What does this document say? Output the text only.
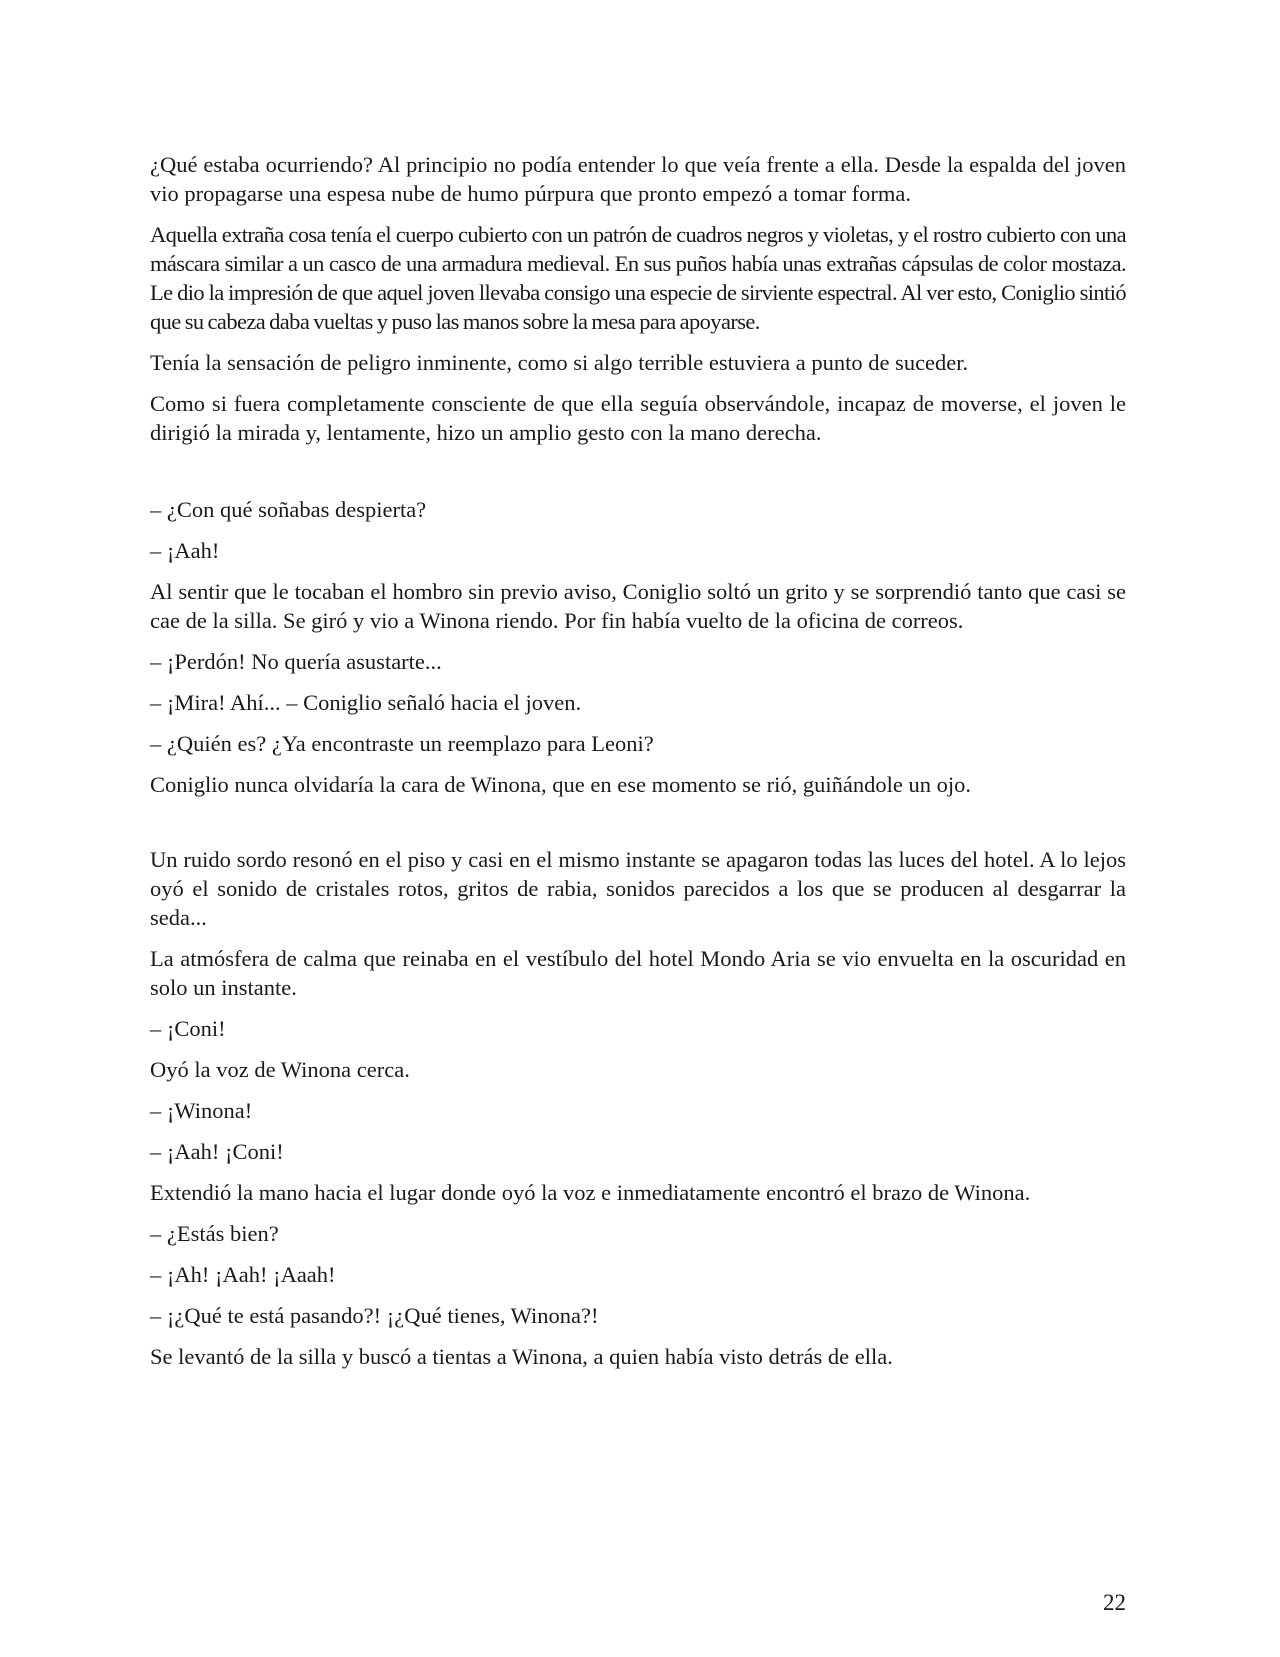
¿Qué estaba ocurriendo? Al principio no podía entender lo que veía frente a ella. Desde la espalda del joven vio propagarse una espesa nube de humo púrpura que pronto empezó a tomar forma.

Aquella extraña cosa tenía el cuerpo cubierto con un patrón de cuadros negros y violetas, y el rostro cubierto con una máscara similar a un casco de una armadura medieval. En sus puños había unas extrañas cápsulas de color mostaza. Le dio la impresión de que aquel joven llevaba consigo una especie de sirviente espectral. Al ver esto, Coniglio sintió que su cabeza daba vueltas y puso las manos sobre la mesa para apoyarse.

Tenía la sensación de peligro inminente, como si algo terrible estuviera a punto de suceder.

Como si fuera completamente consciente de que ella seguía observándole, incapaz de moverse, el joven le dirigió la mirada y, lentamente, hizo un amplio gesto con la mano derecha.

– ¿Con qué soñabas despierta?

– ¡Aah!

Al sentir que le tocaban el hombro sin previo aviso, Coniglio soltó un grito y se sorprendió tanto que casi se cae de la silla. Se giró y vio a Winona riendo. Por fin había vuelto de la oficina de correos.

– ¡Perdón! No quería asustarte...

– ¡Mira! Ahí... – Coniglio señaló hacia el joven.

– ¿Quién es? ¿Ya encontraste un reemplazo para Leoni?

Coniglio nunca olvidaría la cara de Winona, que en ese momento se rió, guiñándole un ojo.

Un ruido sordo resonó en el piso y casi en el mismo instante se apagaron todas las luces del hotel. A lo lejos oyó el sonido de cristales rotos, gritos de rabia, sonidos parecidos a los que se producen al desgarrar la seda...

La atmósfera de calma que reinaba en el vestíbulo del hotel Mondo Aria se vio envuelta en la oscuridad en solo un instante.

– ¡Coni!

Oyó la voz de Winona cerca.

– ¡Winona!

– ¡Aah! ¡Coni!

Extendió la mano hacia el lugar donde oyó la voz e inmediatamente encontró el brazo de Winona.

– ¿Estás bien?

– ¡Ah! ¡Aah! ¡Aaah!

– ¡¿Qué te está pasando?! ¡¿Qué tienes, Winona?!

Se levantó de la silla y buscó a tientas a Winona, a quien había visto detrás de ella.

22
